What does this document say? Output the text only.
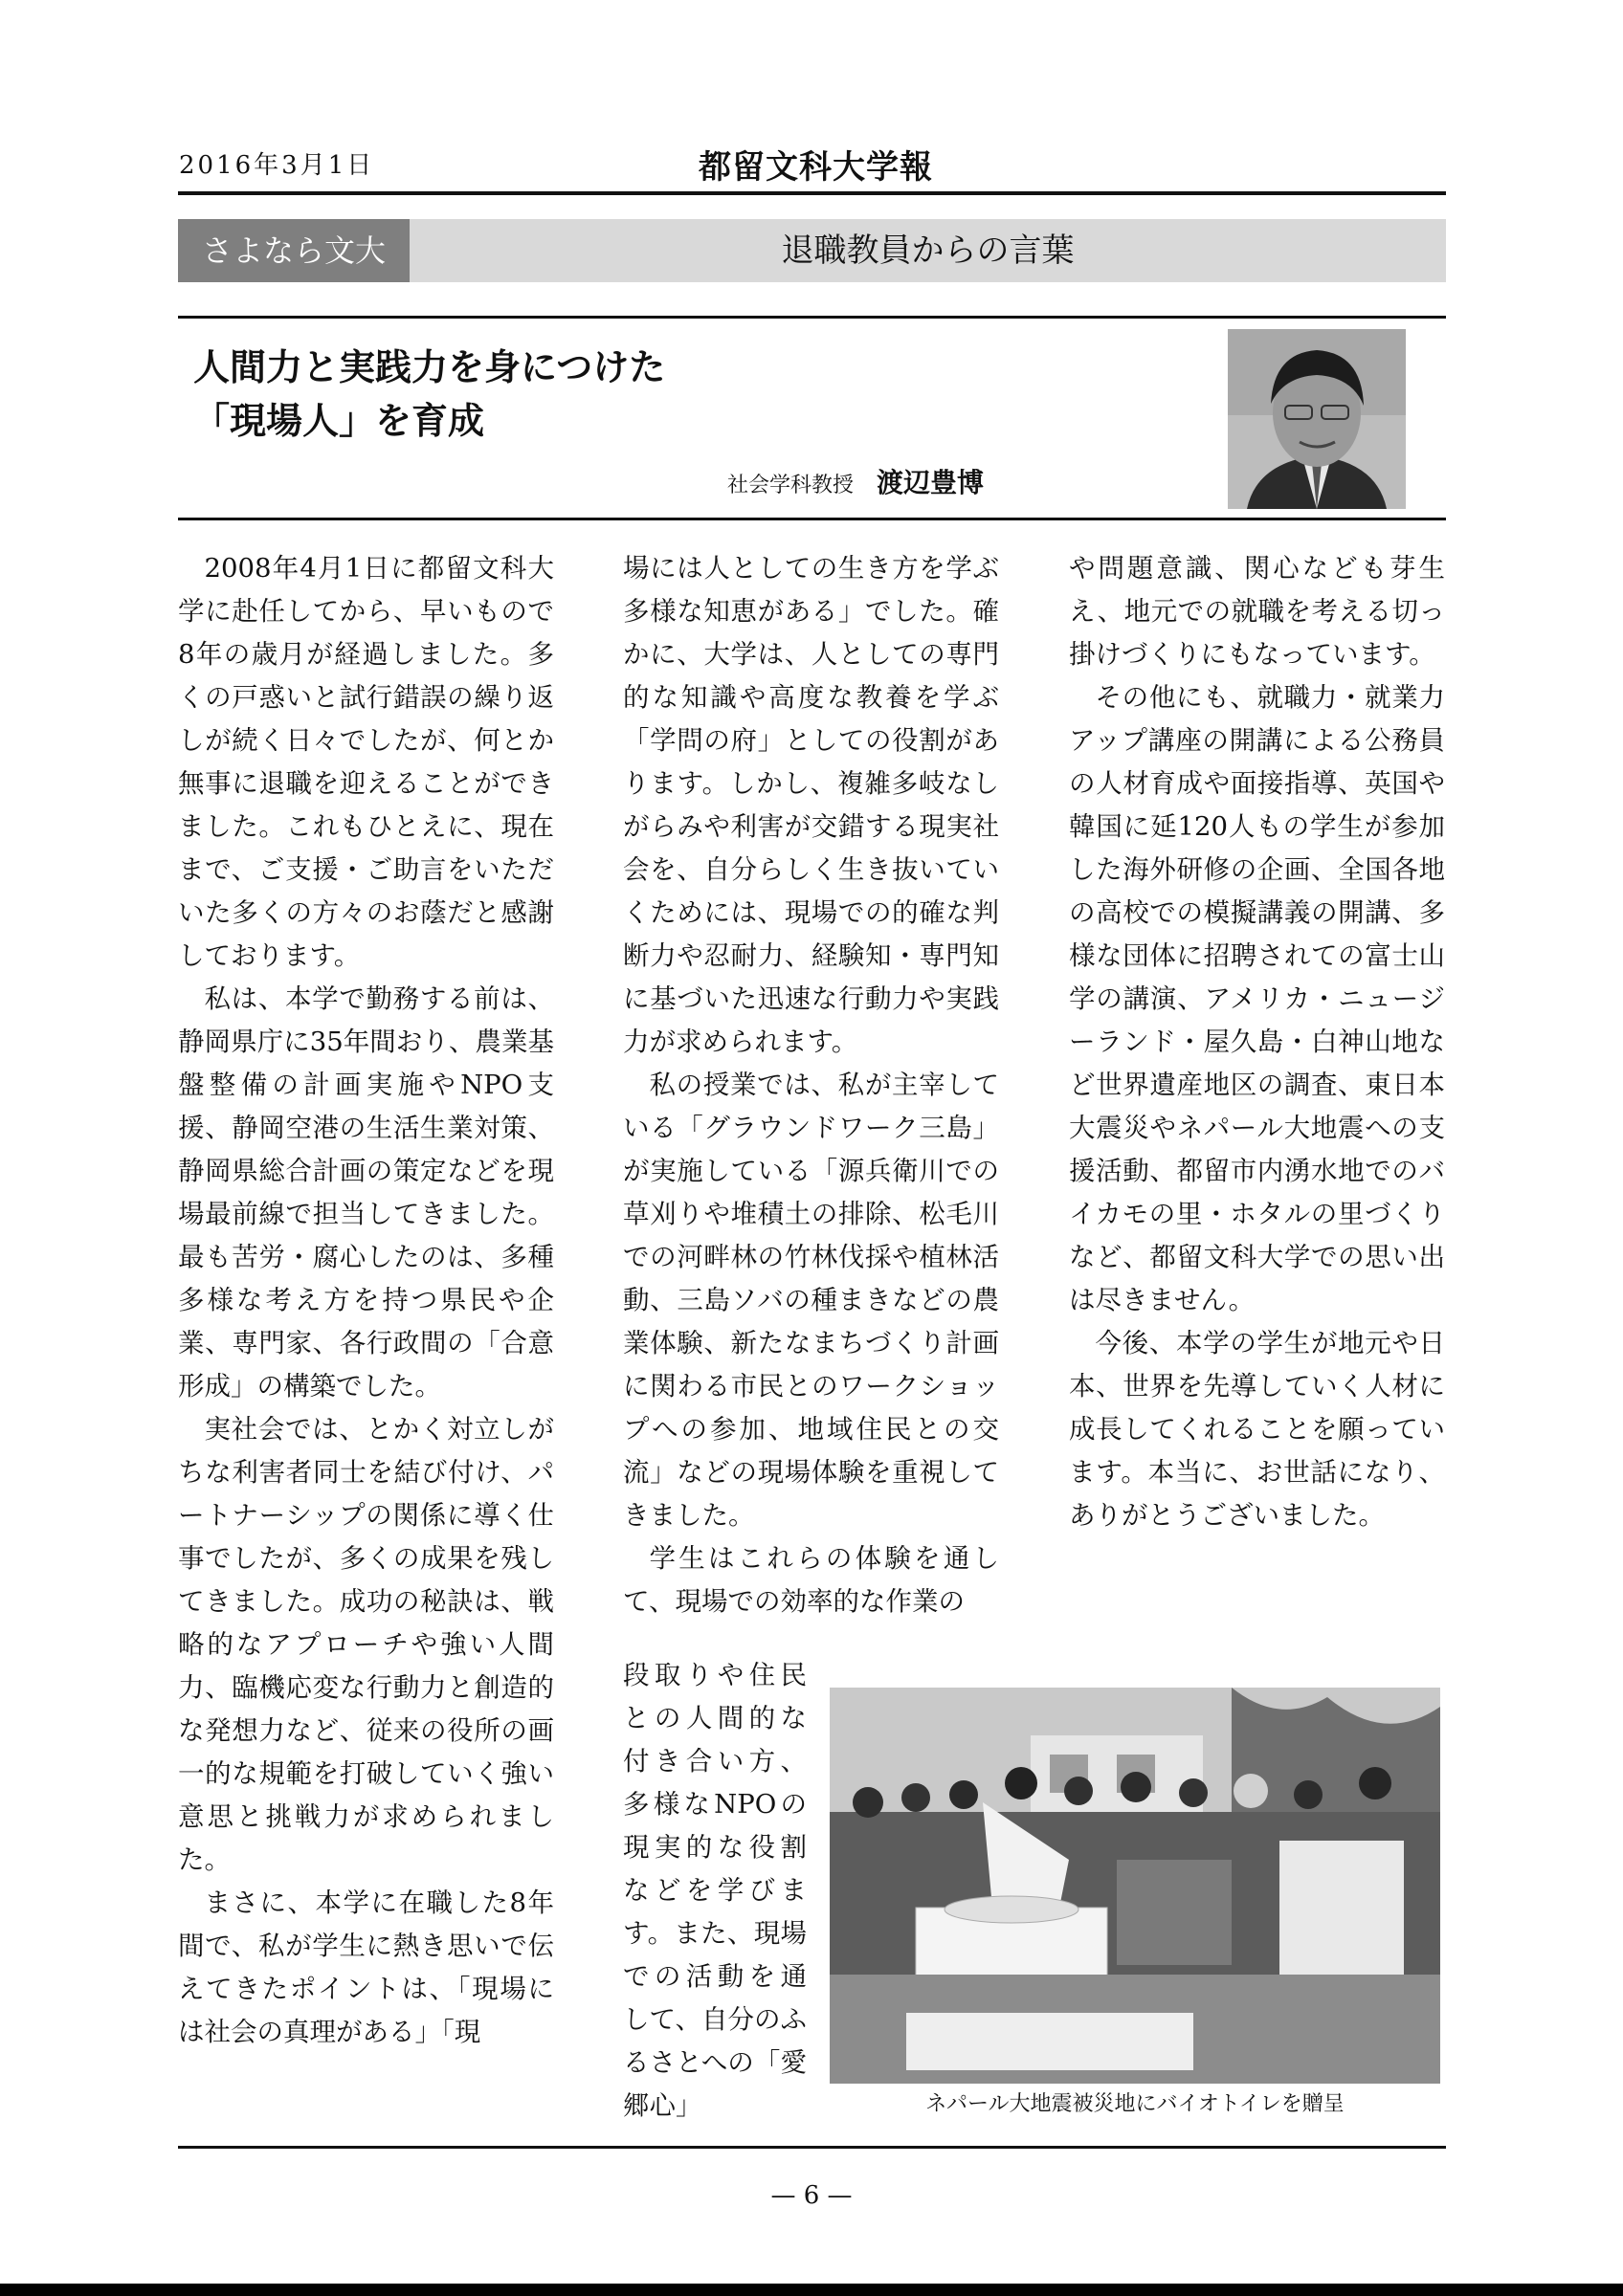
2016年3月1日	都留文科大学報
さよなら文大	退職教員からの言葉
人間力と実践力を身につけた
「現場人」を育成
社会学科教授 渡辺豊博

2008年4月1日に都留文科大学に赴任してから、早いもので8年の歳月が経過しました。多くの戸惑いと試行錯誤の繰り返しが続く日々でしたが、何とか無事に退職を迎えることができました。これもひとえに、現在まで、ご支援・ご助言をいただいた多くの方々のお蔭だと感謝しております。

私は、本学で勤務する前は、静岡県庁に35年間おり、農業基盤整備の計画実施やNPO支援、静岡空港の生活生業対策、静岡県総合計画の策定などを現場最前線で担当してきました。最も苦労・腐心したのは、多種多様な考え方を持つ県民や企業、専門家、各行政間の「合意形成」の構築でした。

実社会では、とかく対立しがちな利害者同士を結び付け、パートナーシップの関係に導く仕事でしたが、多くの成果を残してきました。成功の秘訣は、戦略的なアプローチや強い人間力、臨機応変な行動力と創造的な発想力など、従来の役所の画一的な規範を打破していく強い意思と挑戦力が求められました。

まさに、本学に在職した8年間で、私が学生に熱き思いで伝えてきたポイントは、「現場には社会の真理がある」「現

場には人としての生き方を学ぶ多様な知恵がある」でした。確かに、大学は、人としての専門的な知識や高度な教養を学ぶ「学問の府」としての役割があります。しかし、複雑多岐なしがらみや利害が交錯する現実社会を、自分らしく生き抜いていくためには、現場での的確な判断力や忍耐力、経験知・専門知に基づいた迅速な行動力や実践力が求められます。

私の授業では、私が主宰している「グラウンドワーク三島」が実施している「源兵衛川での草刈りや堆積土の排除、松毛川での河畔林の竹林伐採や植林活動、三島ソバの種まきなどの農業体験、新たなまちづくり計画に関わる市民とのワークショップへの参加、地域住民との交流」などの現場体験を重視してきました。

学生はこれらの体験を通して、現場での効率的な作業の

段取りや住民との人間的な付き合い方、多様なNPOの現実的な役割などを学びます。また、現場での活動を通して、自分のふるさとへの「愛郷心」

や問題意識、関心なども芽生え、地元での就職を考える切っ掛けづくりにもなっています。

その他にも、就職力・就業力アップ講座の開講による公務員の人材育成や面接指導、英国や韓国に延120人もの学生が参加した海外研修の企画、全国各地の高校での模擬講義の開講、多様な団体に招聘されての富士山学の講演、アメリカ・ニュージーランド・屋久島・白神山地など世界遺産地区の調査、東日本大震災やネパール大地震への支援活動、都留市内湧水地でのバイカモの里・ホタルの里づくりなど、都留文科大学での思い出は尽きません。

今後、本学の学生が地元や日本、世界を先導していく人材に成長してくれることを願っています。本当に、お世話になり、ありがとうございました。

ネパール大地震被災地にバイオトイレを贈呈
— 6 —
